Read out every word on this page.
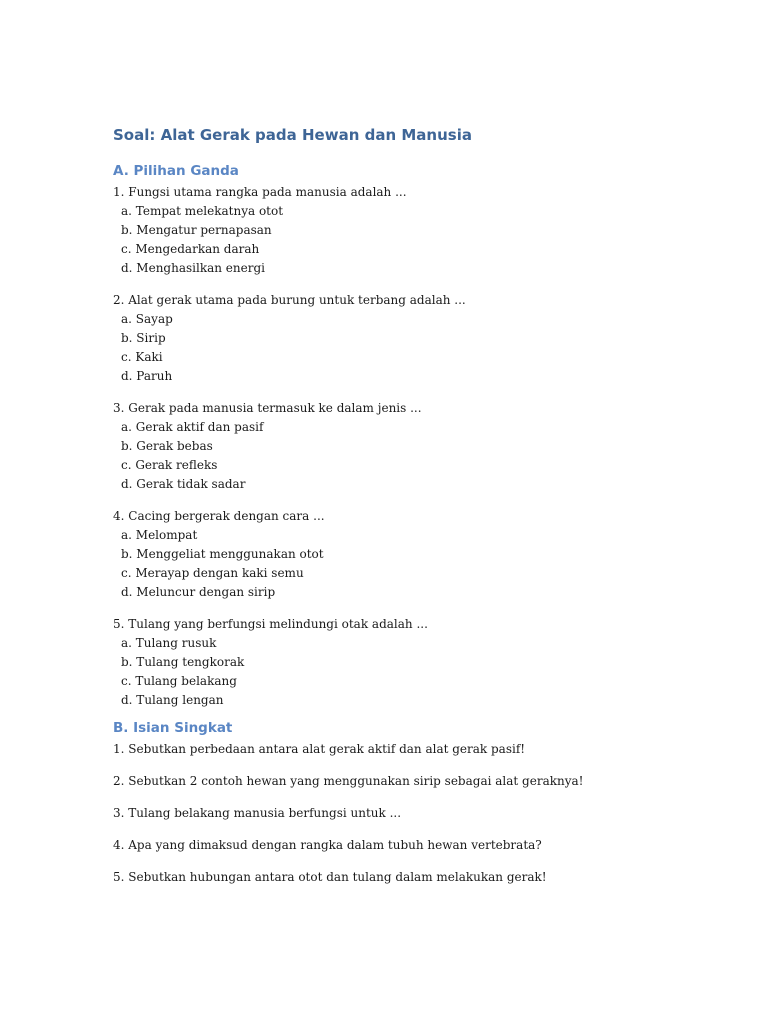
Soal: Alat Gerak pada Hewan dan Manusia
A. Pilihan Ganda
1. Fungsi utama rangka pada manusia adalah ...
a. Tempat melekatnya otot
b. Mengatur pernapasan
c. Mengedarkan darah
d. Menghasilkan energi
2. Alat gerak utama pada burung untuk terbang adalah ...
a. Sayap
b. Sirip
c. Kaki
d. Paruh
3. Gerak pada manusia termasuk ke dalam jenis ...
a. Gerak aktif dan pasif
b. Gerak bebas
c. Gerak refleks
d. Gerak tidak sadar
4. Cacing bergerak dengan cara ...
a. Melompat
b. Menggeliat menggunakan otot
c. Merayap dengan kaki semu
d. Meluncur dengan sirip
5. Tulang yang berfungsi melindungi otak adalah ...
a. Tulang rusuk
b. Tulang tengkorak
c. Tulang belakang
d. Tulang lengan
B. Isian Singkat
1. Sebutkan perbedaan antara alat gerak aktif dan alat gerak pasif!
2. Sebutkan 2 contoh hewan yang menggunakan sirip sebagai alat geraknya!
3. Tulang belakang manusia berfungsi untuk ...
4. Apa yang dimaksud dengan rangka dalam tubuh hewan vertebrata?
5. Sebutkan hubungan antara otot dan tulang dalam melakukan gerak!
